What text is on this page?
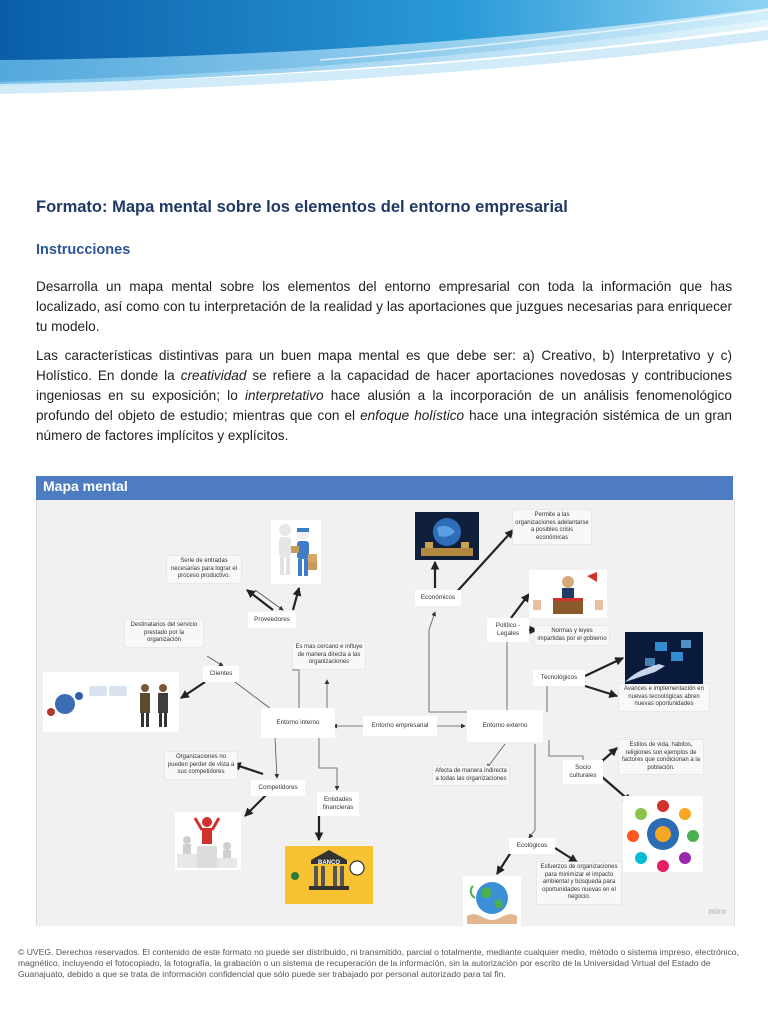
Formato: Mapa mental sobre los elementos del entorno empresarial
Instrucciones

Desarrolla un mapa mental sobre los elementos del entorno empresarial con toda la información que has localizado, así como con tu interpretación de la realidad y las aportaciones que juzgues necesarias para enriquecer tu modelo.

Las características distintivas para un buen mapa mental es que debe ser: a) Creativo, b) Interpretativo y c) Holístico. En donde la creatividad se refiere a la capacidad de hacer aportaciones novedosas y contribuciones ingeniosas en su exposición; lo interpretativo hace alusión a la incorporación de un análisis fenomenológico profundo del objeto de estudio; mientras que con el enfoque holístico hace una integración sistémica de un gran número de factores implícitos y explícitos.

Mapa mental
Entorno empresarial
Entorno interno	Entorno externo
Proveedores
Clientes
Competidores
Entidades financieras
Económicos
Político - Legales
Tecnológicos
Socio culturales
Ecológicos
Serie de entradas necesarias para lograr el proceso productivo.
Destinatarios del servicio prestado por la organización
Es mas cercano e influye de manera directa a las organizaciones
Organizaciones no pueden perder de vista a sus competidores
Permite a las organizaciones adelantarse a posibles crisis económicas
Normas y leyes impartidas por el gobierno
Avances e implementación en nuevas tecnológicas abren nuevas oportunidades
Estilos de vida, hábitos, religiones son ejemplos de factores que condicionan a la población.
Afecta de manera indirecta a todas las organizaciones
Esfuerzos de organizaciones para minimizar el impacto ambiental y búsqueda para oportunidades nuevas en el negocio.
BANCO
miro

© UVEG. Derechos reservados. El contenido de este formato no puede ser distribuido, ni transmitido, parcial o totalmente, mediante cualquier medio, método o sistema impreso, electrónico, magnético, incluyendo el fotocopiado, la fotografía, la grabación o un sistema de recuperación de la información, sin la autorización por escrito de la Universidad Virtual del Estado de Guanajuato, debido a que se trata de información confidencial que sólo puede ser trabajado por personal autorizado para tal fin.
